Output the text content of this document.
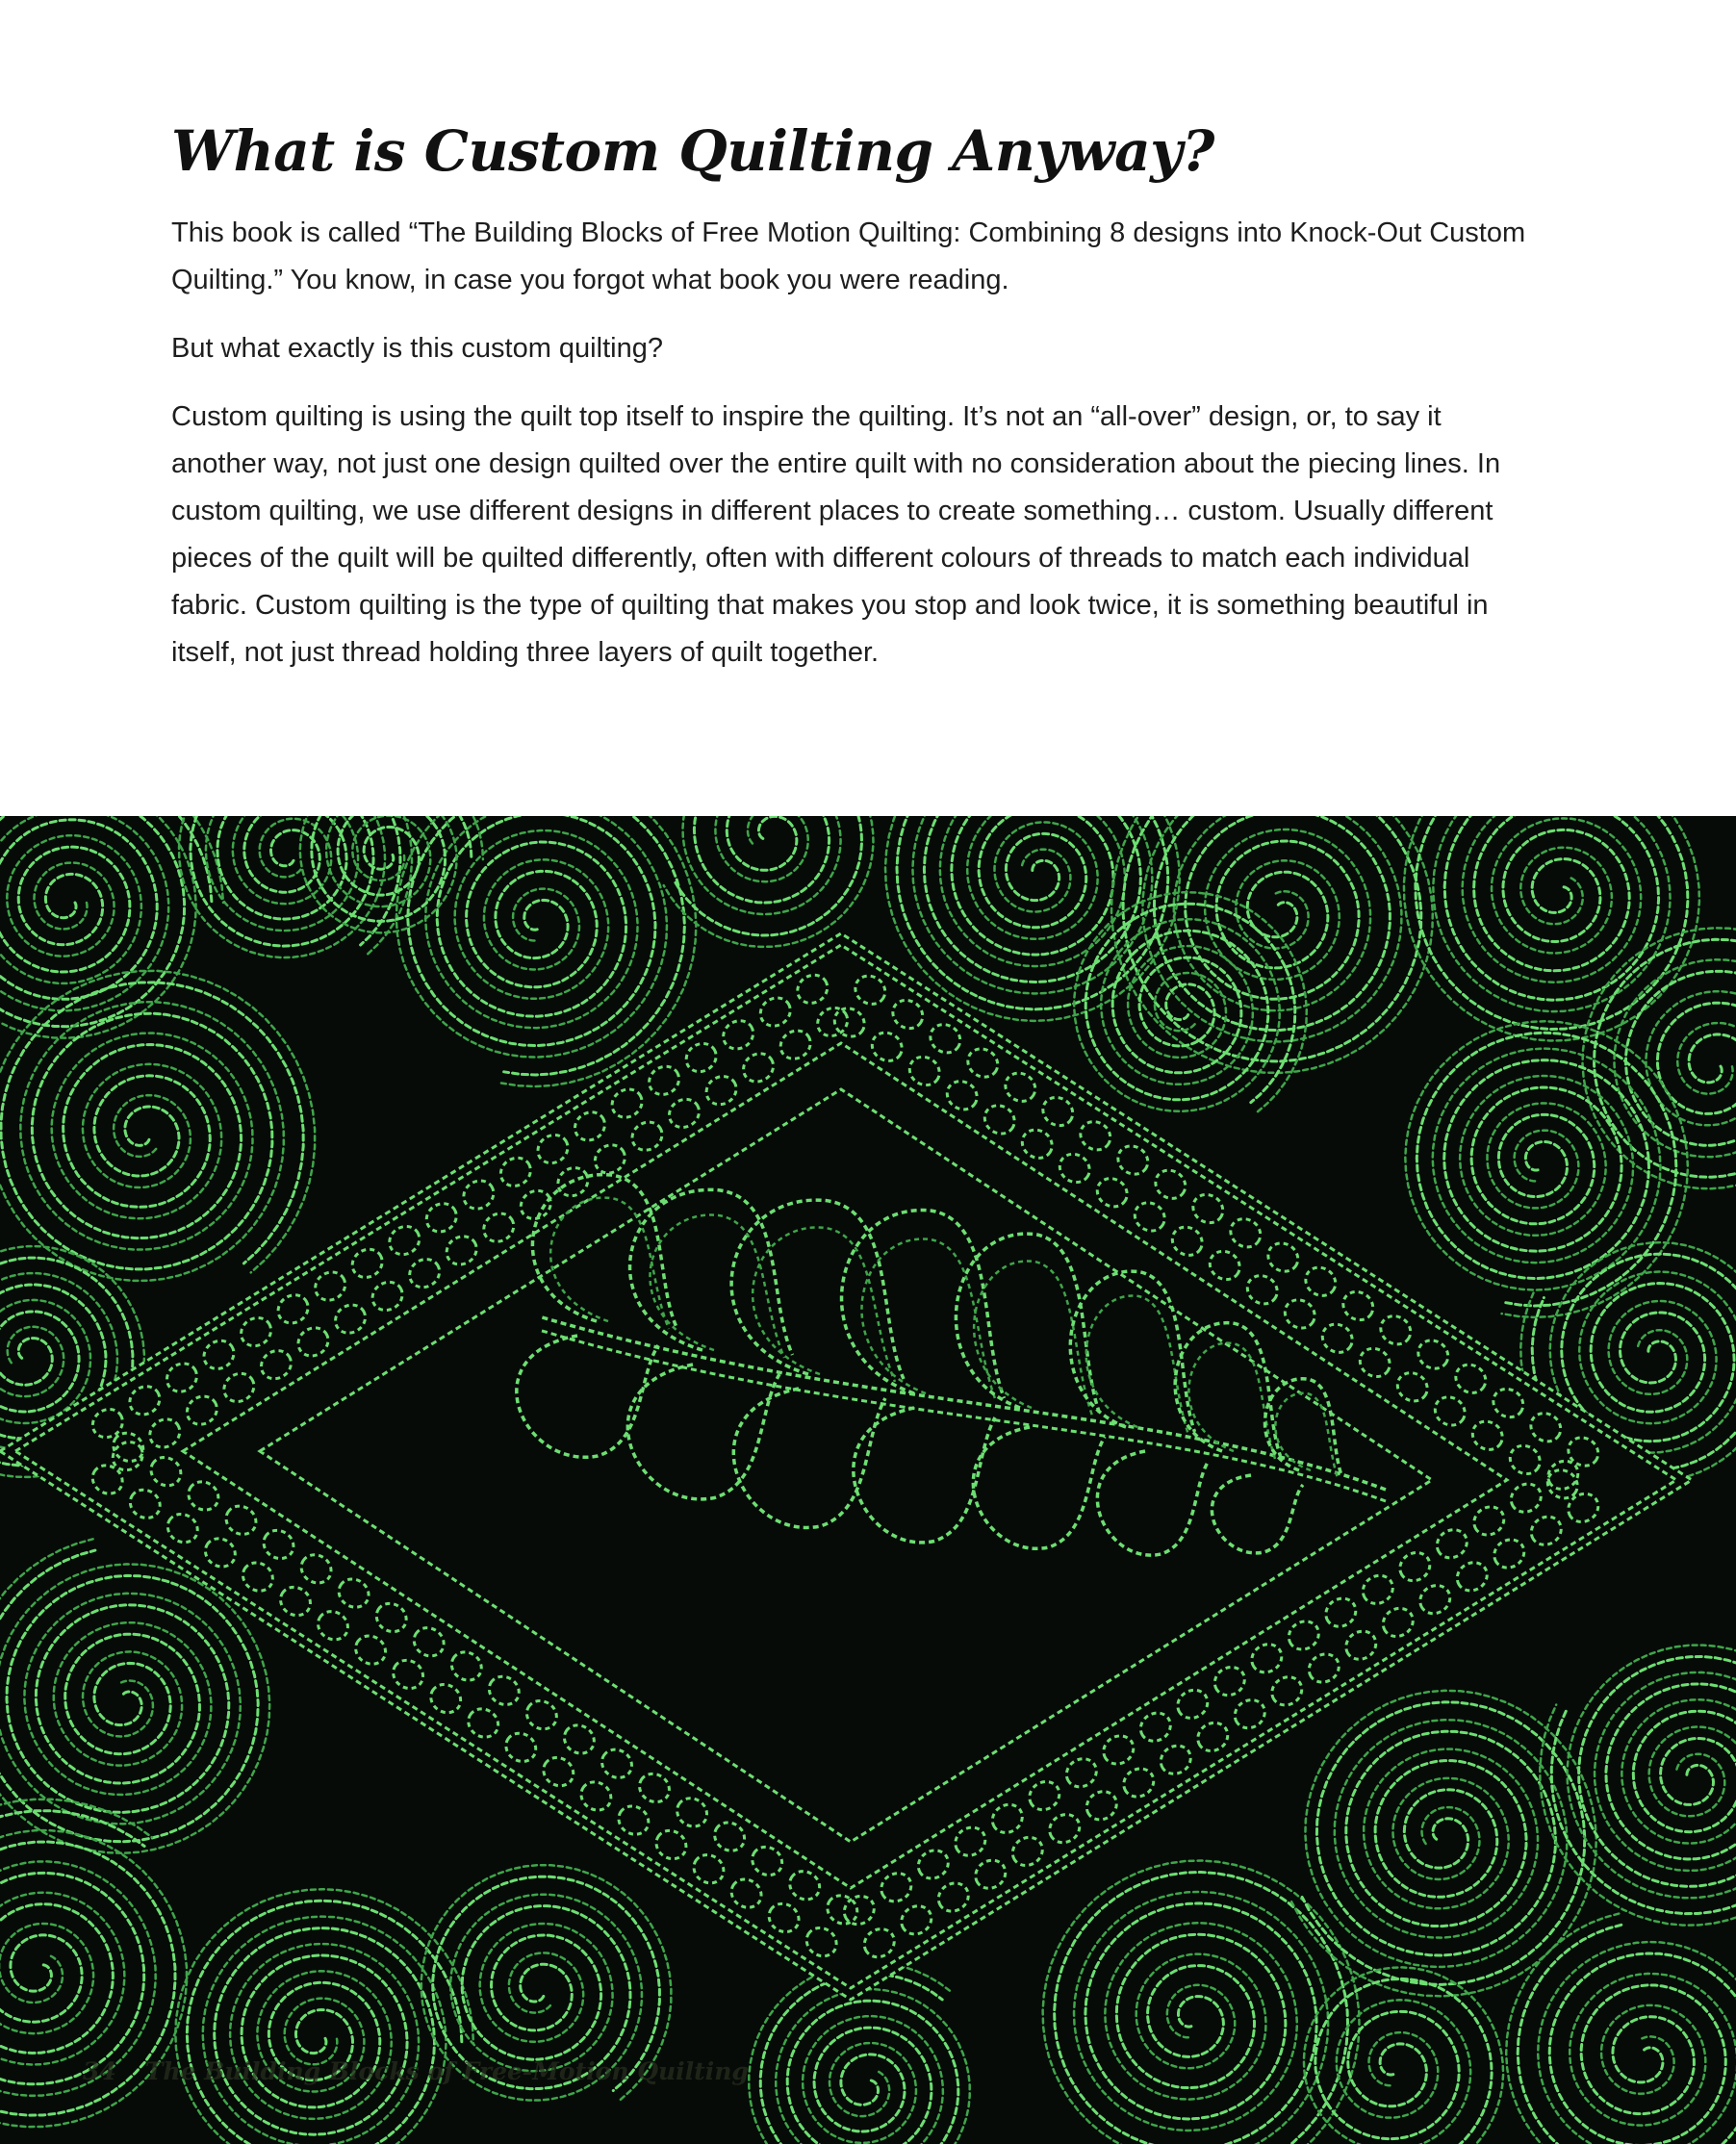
What is Custom Quilting Anyway?

This book is called “The Building Blocks of Free Motion Quilting: Combining 8 designs into Knock-Out Custom Quilting.” You know, in case you forgot what book you were reading.

But what exactly is this custom quilting?

Custom quilting is using the quilt top itself to inspire the quilting. It’s not an “all-over” design, or, to say it another way, not just one design quilted over the entire quilt with no consideration about the piecing lines. In custom quilting, we use different designs in different places to create something… custom. Usually different pieces of the quilt will be quilted differently, often with different colours of threads to match each individual fabric. Custom quilting is the type of quilting that makes you stop and look twice, it is something beautiful in itself, not just thread holding three layers of quilt together.

34 The Building Blocks of Free-Motion Quilting
